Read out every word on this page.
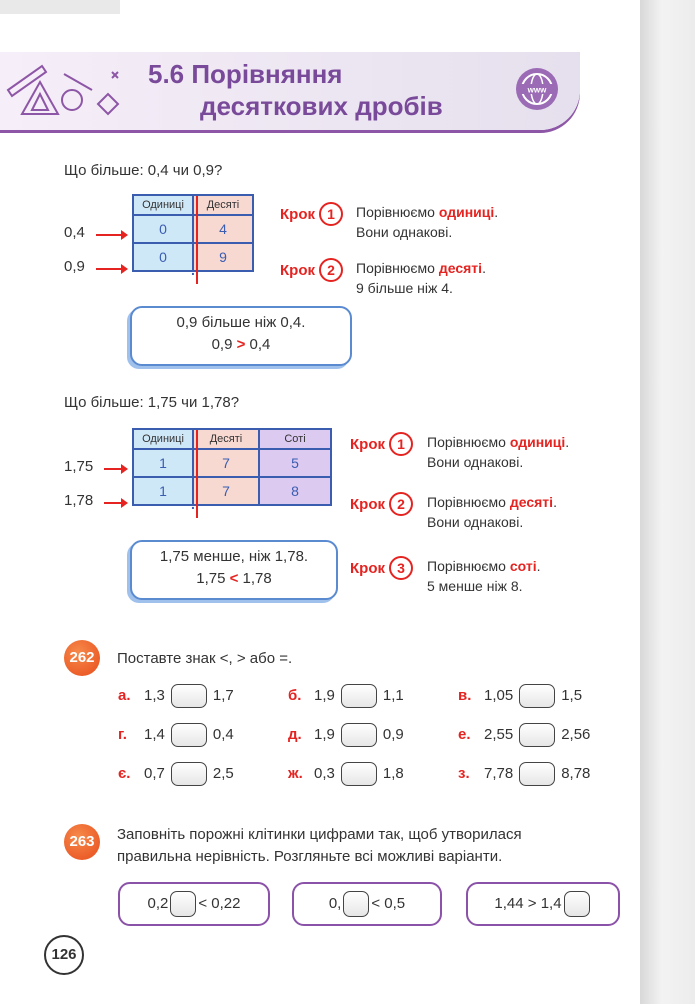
5.6 Порівняння
десяткових дробів
www
Що більше: 0,4 чи 0,9?
Одиниці	Десяті
0	4
0	9
.
.
0,4
0,9
Крок 1	Порівнюємо одиниці.
Вони однакові.
Крок 2	Порівнюємо десяті.
9 більше ніж 4.
0,9 більше ніж 0,4.
0,9 > 0,4
Що більше: 1,75 чи 1,78?
Одиниці	Десяті	Соті
1	7	5
1	7	8
.
.
1,75
1,78
Крок 1	Порівнюємо одиниці.
Вони однакові.
Крок 2	Порівнюємо десяті.
Вони однакові.
Крок 3	Порівнюємо соті.
5 менше ніж 8.
1,75 менше, ніж 1,78.
1,75 < 1,78
262	Поставте знак <, > або =.
а. 1,3	1,7	б. 1,9	1,1	в. 1,05	1,5
г. 1,4	0,4	д. 1,9	0,9	е. 2,55	2,56
є. 0,7	2,5	ж. 0,3	1,8	з. 7,78	8,78
263	Заповніть порожні клітинки цифрами так, щоб утворилася
правильна нерівність. Розгляньте всі можливі варіанти.
0,2 < 0,22	0, < 0,5	1,44 > 1,4
126
